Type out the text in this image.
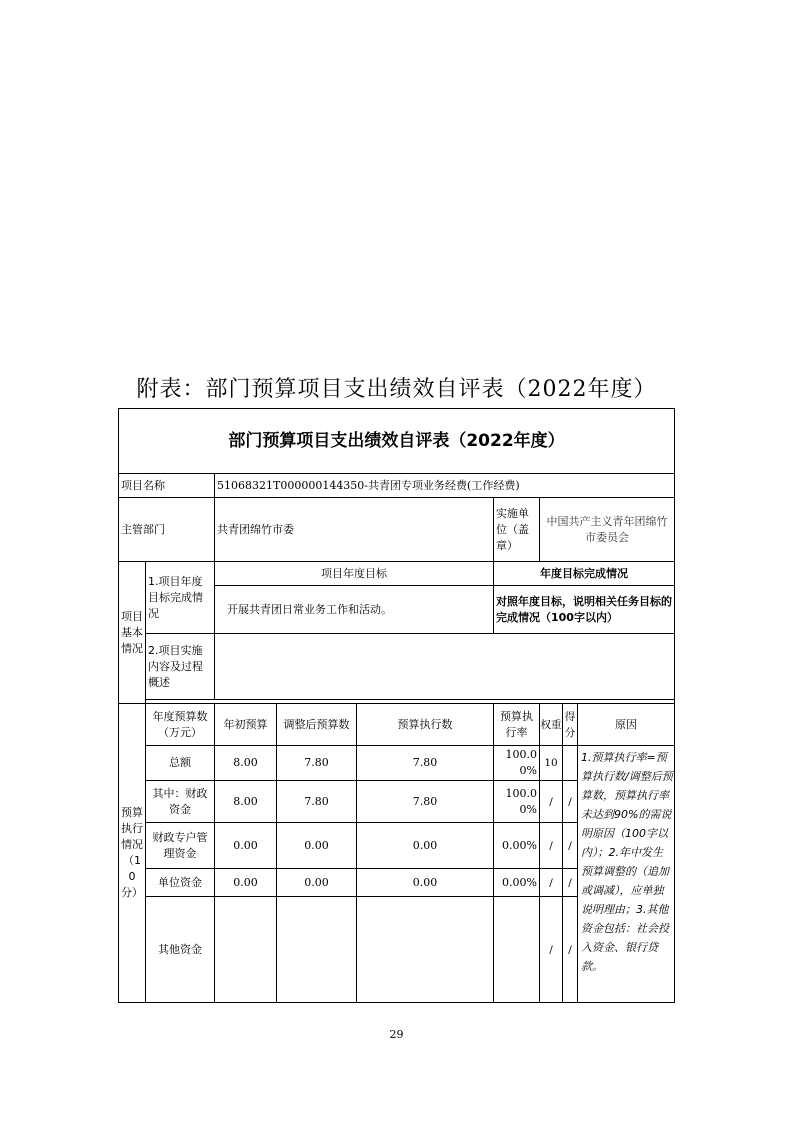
附表：部门预算项目支出绩效自评表（2022年度）
部门预算项目支出绩效自评表（2022年度）								
项目名称		51068321T000000144350-共青团专项业务经费(工作经费)						
主管部门		共青团绵竹市委			实施单位（盖章）	中国共产主义青年团绵竹市委员会		
项目基本情况	1.项目年度目标完成情况	项目年度目标			年度目标完成情况			
		开展共青团日常业务工作和活动。			对照年度目标，说明相关任务目标的完成情况（100字以内）			
	2.项目实施内容及过程概述							

预算执行情况（10分）	年度预算数（万元）	年初预算	调整后预算数	预算执行数	预算执行率	权重	得分	原因
	总额	8.00	7.80	7.80	100.00%	10		1.预算执行率=预算执行数/调整后预算数，预算执行率未达到90%的需说明原因（100字以内）；2.年中发生预算调整的（追加或调减），应单独说明理由；3.其他资金包括：社会投入资金、银行贷款。
	其中：财政资金	8.00	7.80	7.80	100.00%	/	/	
	财政专户管理资金	0.00	0.00	0.00	0.00%	/	/	
	单位资金	0.00	0.00	0.00	0.00%	/	/	
	其他资金					/	/	
29
